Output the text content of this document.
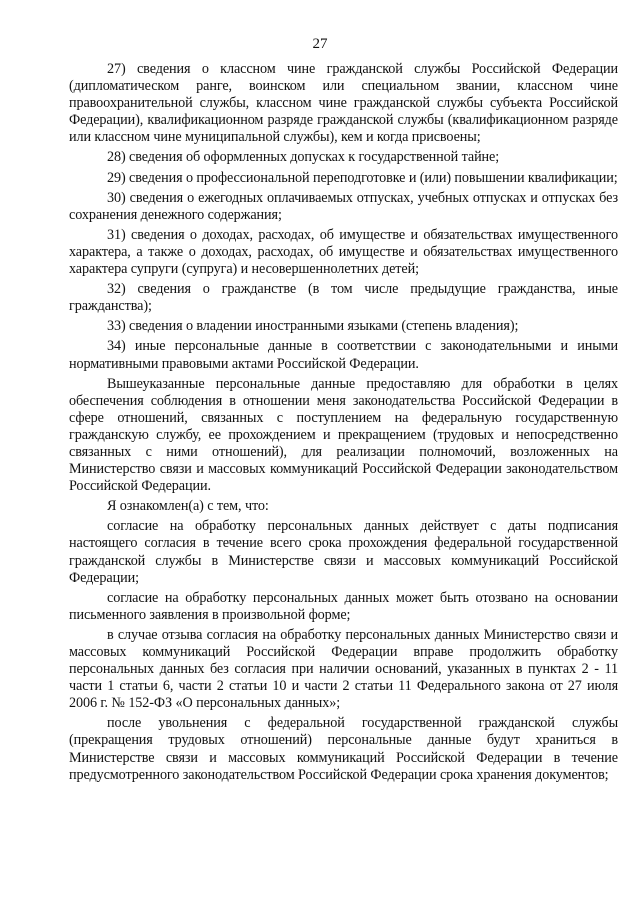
27

27) сведения о классном чине гражданской службы Российской Федерации (дипломатическом ранге, воинском или специальном звании, классном чине правоохранительной службы, классном чине гражданской службы субъекта Российской Федерации), квалификационном разряде гражданской службы (квалификационном разряде или классном чине муниципальной службы), кем и когда присвоены;

28) сведения об оформленных допусках к государственной тайне;

29) сведения о профессиональной переподготовке и (или) повышении квалификации;

30) сведения о ежегодных оплачиваемых отпусках, учебных отпусках и отпусках без сохранения денежного содержания;

31) сведения о доходах, расходах, об имуществе и обязательствах имущественного характера, а также о доходах, расходах, об имуществе и обязательствах имущественного характера супруги (супруга) и несовершеннолетних детей;

32) сведения о гражданстве (в том числе предыдущие гражданства, иные гражданства);

33) сведения о владении иностранными языками (степень владения);

34) иные персональные данные в соответствии с законодательными и иными нормативными правовыми актами Российской Федерации.

Вышеуказанные персональные данные предоставляю для обработки в целях обеспечения соблюдения в отношении меня законодательства Российской Федерации в сфере отношений, связанных с поступлением на федеральную государственную гражданскую службу, ее прохождением и прекращением (трудовых и непосредственно связанных с ними отношений), для реализации полномочий, возложенных на Министерство связи и массовых коммуникаций Российской Федерации законодательством Российской Федерации.

Я ознакомлен(а) с тем, что:

согласие на обработку персональных данных действует с даты подписания настоящего согласия в течение всего срока прохождения федеральной государственной гражданской службы в Министерстве связи и массовых коммуникаций Российской Федерации;

согласие на обработку персональных данных может быть отозвано на основании письменного заявления в произвольной форме;

в случае отзыва согласия на обработку персональных данных Министерство связи и массовых коммуникаций Российской Федерации вправе продолжить обработку персональных данных без согласия при наличии оснований, указанных в пунктах 2 - 11 части 1 статьи 6, части 2 статьи 10 и части 2 статьи 11 Федерального закона от 27 июля 2006 г. № 152-ФЗ «О персональных данных»;

после увольнения с федеральной государственной гражданской службы (прекращения трудовых отношений) персональные данные будут храниться в Министерстве связи и массовых коммуникаций Российской Федерации в течение предусмотренного законодательством Российской Федерации срока хранения документов;
